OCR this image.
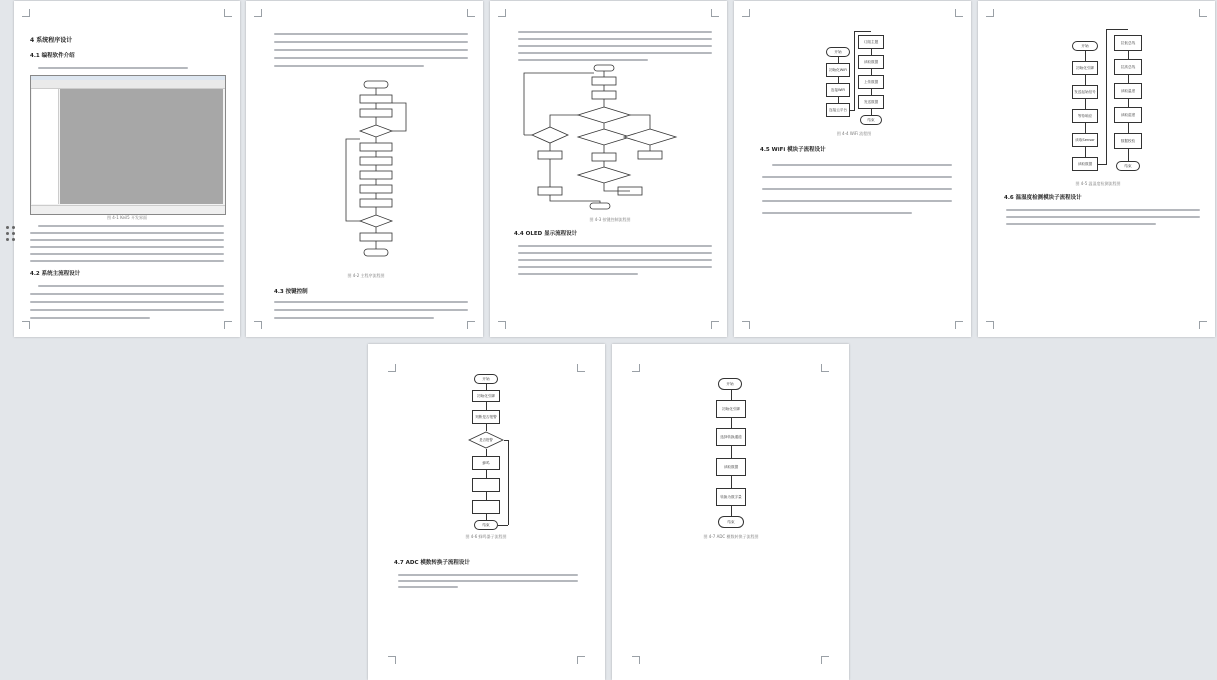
4 系统程序设计
4.1 编程软件介绍
图 4-1 Keil5 开发界面
4.2 系统主流程设计	图 4-2 主程序流程图
4.3 按键控制
图 4-3 按键控制流程图
4.4 OLED 显示流程设计
开始
初始化WiFi
连接WiFi
连接云平台
订阅主题
读取数据
上传数据
发送数据
结束
图 4-4 WiFi 流程图
4.5 WiFi 模块子流程设计
开始
初始化引脚
发送起始信号
等待响应
读取Sensor
读取数据
拉低总线
拉高总线
读取温度
读取湿度
数据校验
结束
图 4-5 温湿度检测流程图
4.6 温湿度检测模块子流程设计
开始
初始化引脚
判断是否报警
是否报警
蜂鸣
结束
图 4-6 蜂鸣器子流程图
4.7 ADC 模数转换子流程设计
开始
初始化引脚
选择转换通道
读取数据
转换为数字量
结束
图 4-7 ADC 模数转换子流程图
